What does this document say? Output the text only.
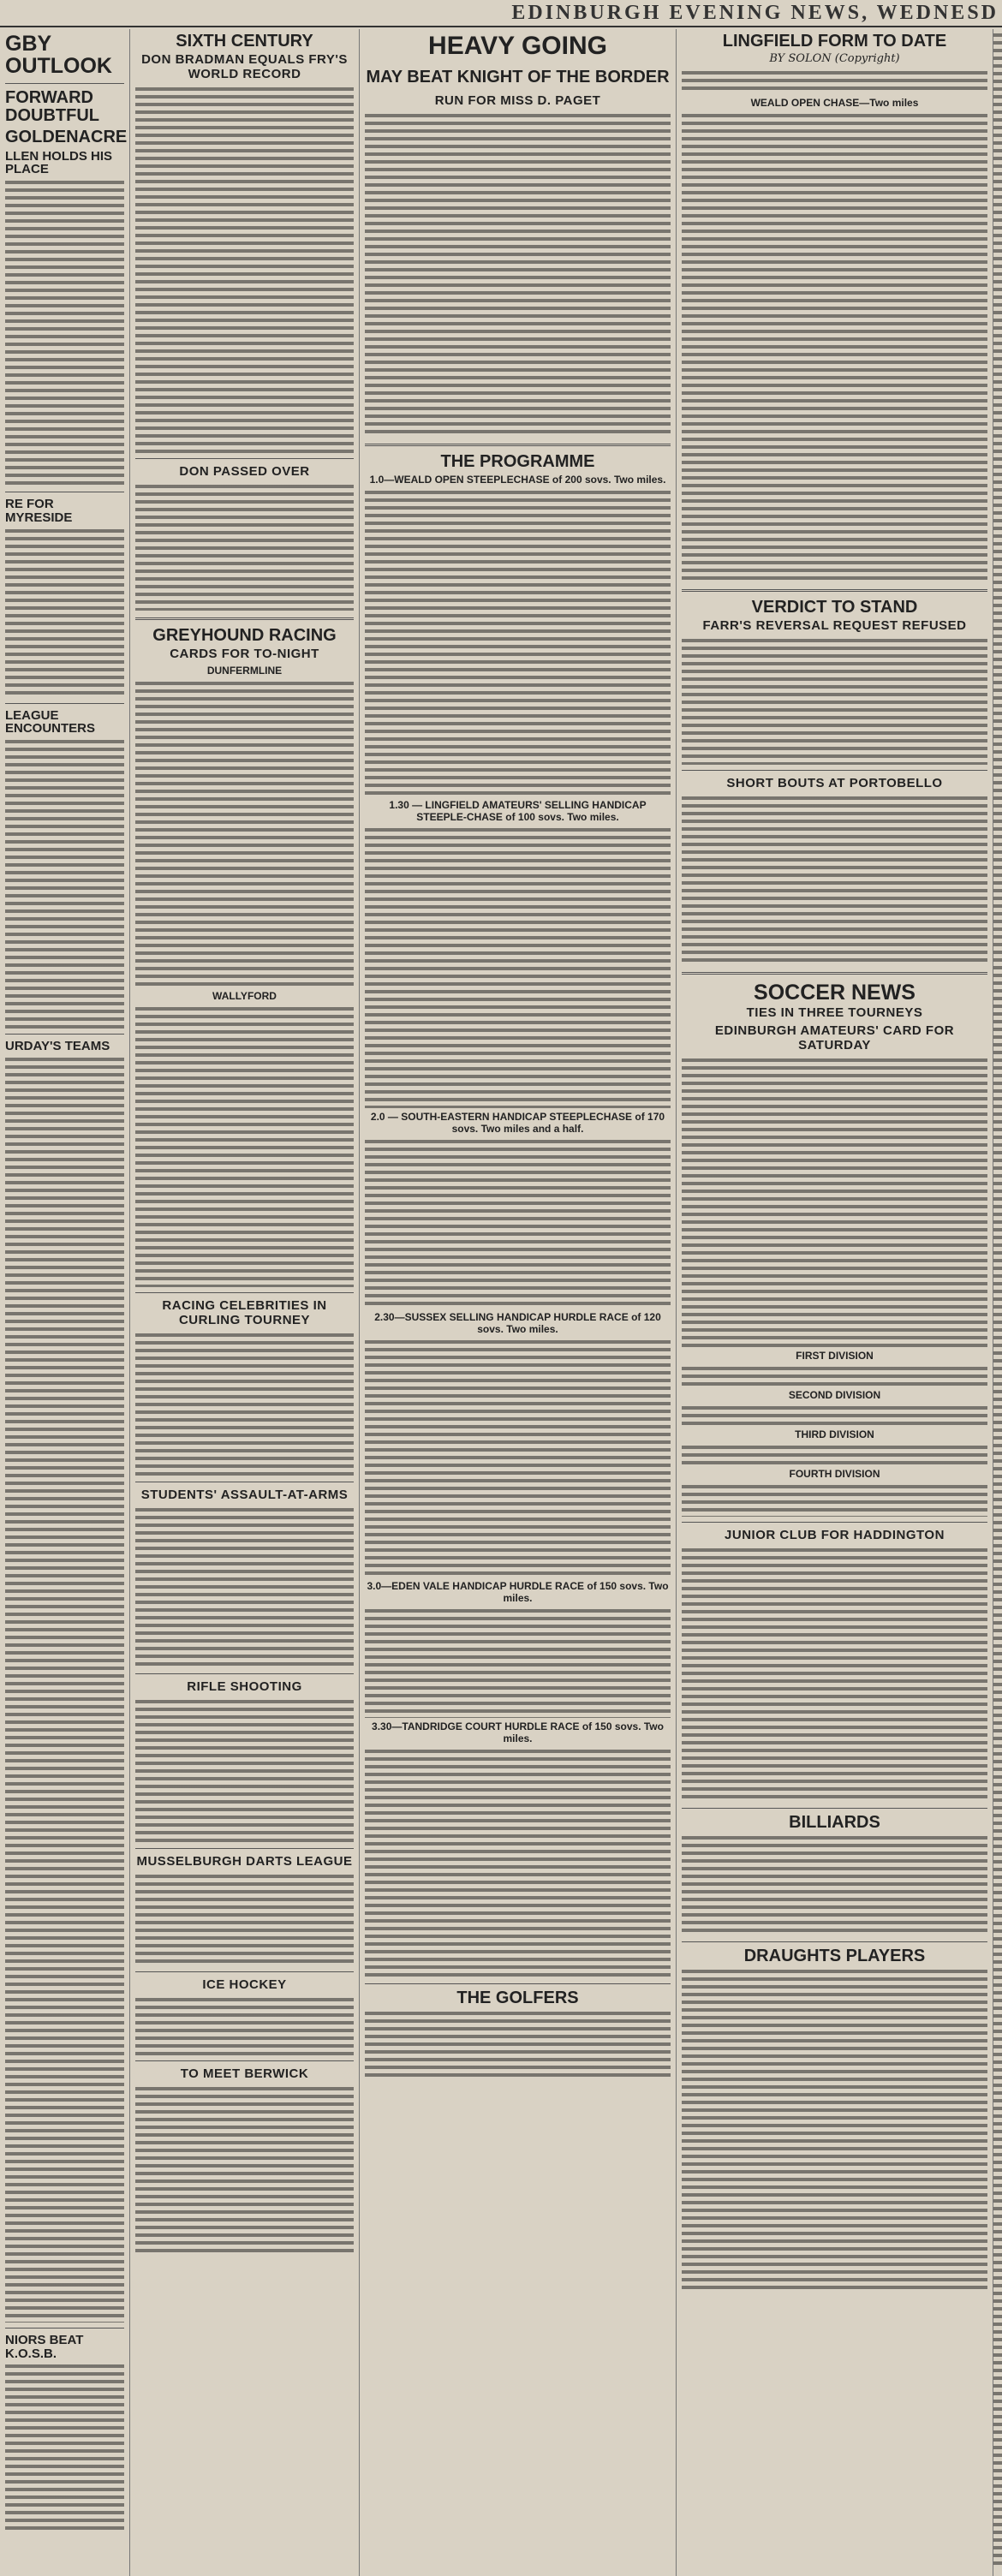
EDINBURGH EVENING NEWS, WEDNESD
GBY OUTLOOK
FORWARD DOUBTFUL
GOLDENACRE
LLEN HOLDS HIS PLACE
RE FOR MYRESIDE
LEAGUE ENCOUNTERS
URDAY'S TEAMS
NIORS BEAT K.O.S.B.
SIXTH CENTURY
DON BRADMAN EQUALS FRY'S WORLD RECORD
DON PASSED OVER
GREYHOUND RACING
CARDS FOR TO-NIGHT
DUNFERMLINE
WALLYFORD
RACING CELEBRITIES IN CURLING TOURNEY
STUDENTS' ASSAULT-AT-ARMS
RIFLE SHOOTING
MUSSELBURGH DARTS LEAGUE
ICE HOCKEY
TO MEET BERWICK
HEAVY GOING
MAY BEAT KNIGHT OF THE BORDER
RUN FOR MISS D. PAGET
THE PROGRAMME
1.0—WEALD OPEN STEEPLECHASE of 200 sovs. Two miles.
1.30 — LINGFIELD AMATEURS' SELLING HANDICAP STEEPLE-CHASE of 100 sovs. Two miles.
2.0 — SOUTH-EASTERN HANDICAP STEEPLECHASE of 170 sovs. Two miles and a half.
2.30—SUSSEX SELLING HANDICAP HURDLE RACE of 120 sovs. Two miles.
3.0—EDEN VALE HANDICAP HURDLE RACE of 150 sovs. Two miles.
3.30—TANDRIDGE COURT HURDLE RACE of 150 sovs. Two miles.
THE GOLFERS
LINGFIELD FORM TO DATE
BY SOLON (Copyright)
WEALD OPEN CHASE—Two miles
VERDICT TO STAND
FARR'S REVERSAL REQUEST REFUSED
SHORT BOUTS AT PORTOBELLO
SOCCER NEWS
TIES IN THREE TOURNEYS
EDINBURGH AMATEURS' CARD FOR SATURDAY
FIRST DIVISION
SECOND DIVISION
THIRD DIVISION
FOURTH DIVISION
JUNIOR CLUB FOR HADDINGTON
BILLIARDS
DRAUGHTS PLAYERS
